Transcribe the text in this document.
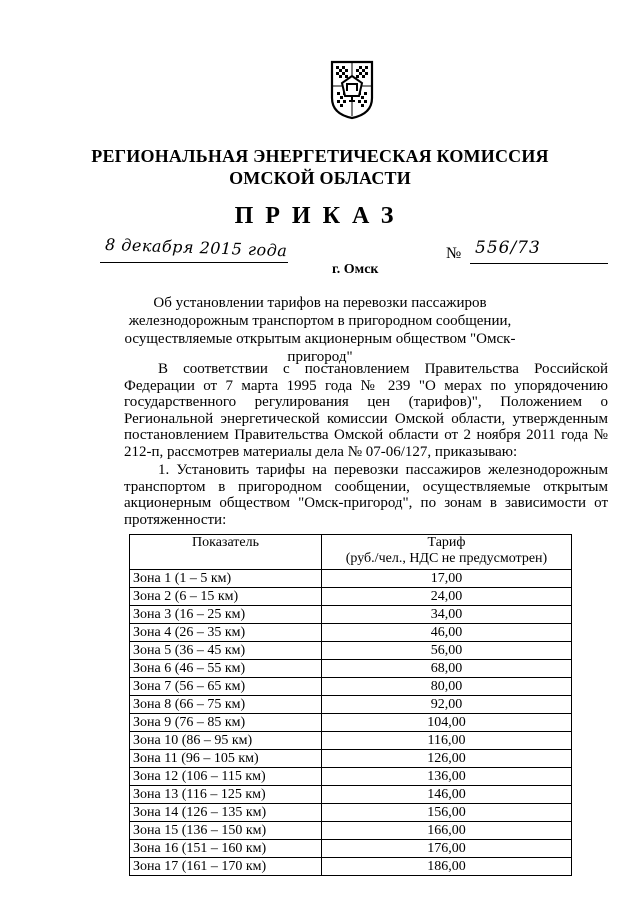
РЕГИОНАЛЬНАЯ ЭНЕРГЕТИЧЕСКАЯ КОМИССИЯ
ОМСКОЙ ОБЛАСТИ
ПРИКАЗ
8 декабря 2015 года	№ 556/73
г. Омск
Об установлении тарифов на перевозки пассажиров железнодорожным транспортом в пригородном сообщении, осуществляемые открытым акционерным обществом "Омск-пригород"
В соответствии с постановлением Правительства Российской Федерации от 7 марта 1995 года № 239 "О мерах по упорядочению государственного регулирования цен (тарифов)", Положением о Региональной энергетической комиссии Омской области, утвержденным постановлением Правительства Омской области от 2 ноября 2011 года № 212-п, рассмотрев материалы дела № 07-06/127, приказываю:
1. Установить тарифы на перевозки пассажиров железнодорожным транспортом в пригородном сообщении, осуществляемые открытым акционерным обществом "Омск-пригород", по зонам в зависимости от протяженности:
Показатель	Тариф
(руб./чел., НДС не предусмотрен)

Зона 1 (1 – 5 км)	17,00
Зона 2 (6 – 15 км)	24,00
Зона 3 (16 – 25 км)	34,00
Зона 4 (26 – 35 км)	46,00
Зона 5 (36 – 45 км)	56,00
Зона 6 (46 – 55 км)	68,00
Зона 7 (56 – 65 км)	80,00
Зона 8 (66 – 75 км)	92,00
Зона 9 (76 – 85 км)	104,00
Зона 10 (86 – 95 км)	116,00
Зона 11 (96 – 105 км)	126,00
Зона 12 (106 – 115 км)	136,00
Зона 13 (116 – 125 км)	146,00
Зона 14 (126 – 135 км)	156,00
Зона 15 (136 – 150 км)	166,00
Зона 16 (151 – 160 км)	176,00
Зона 17 (161 – 170 км)	186,00
